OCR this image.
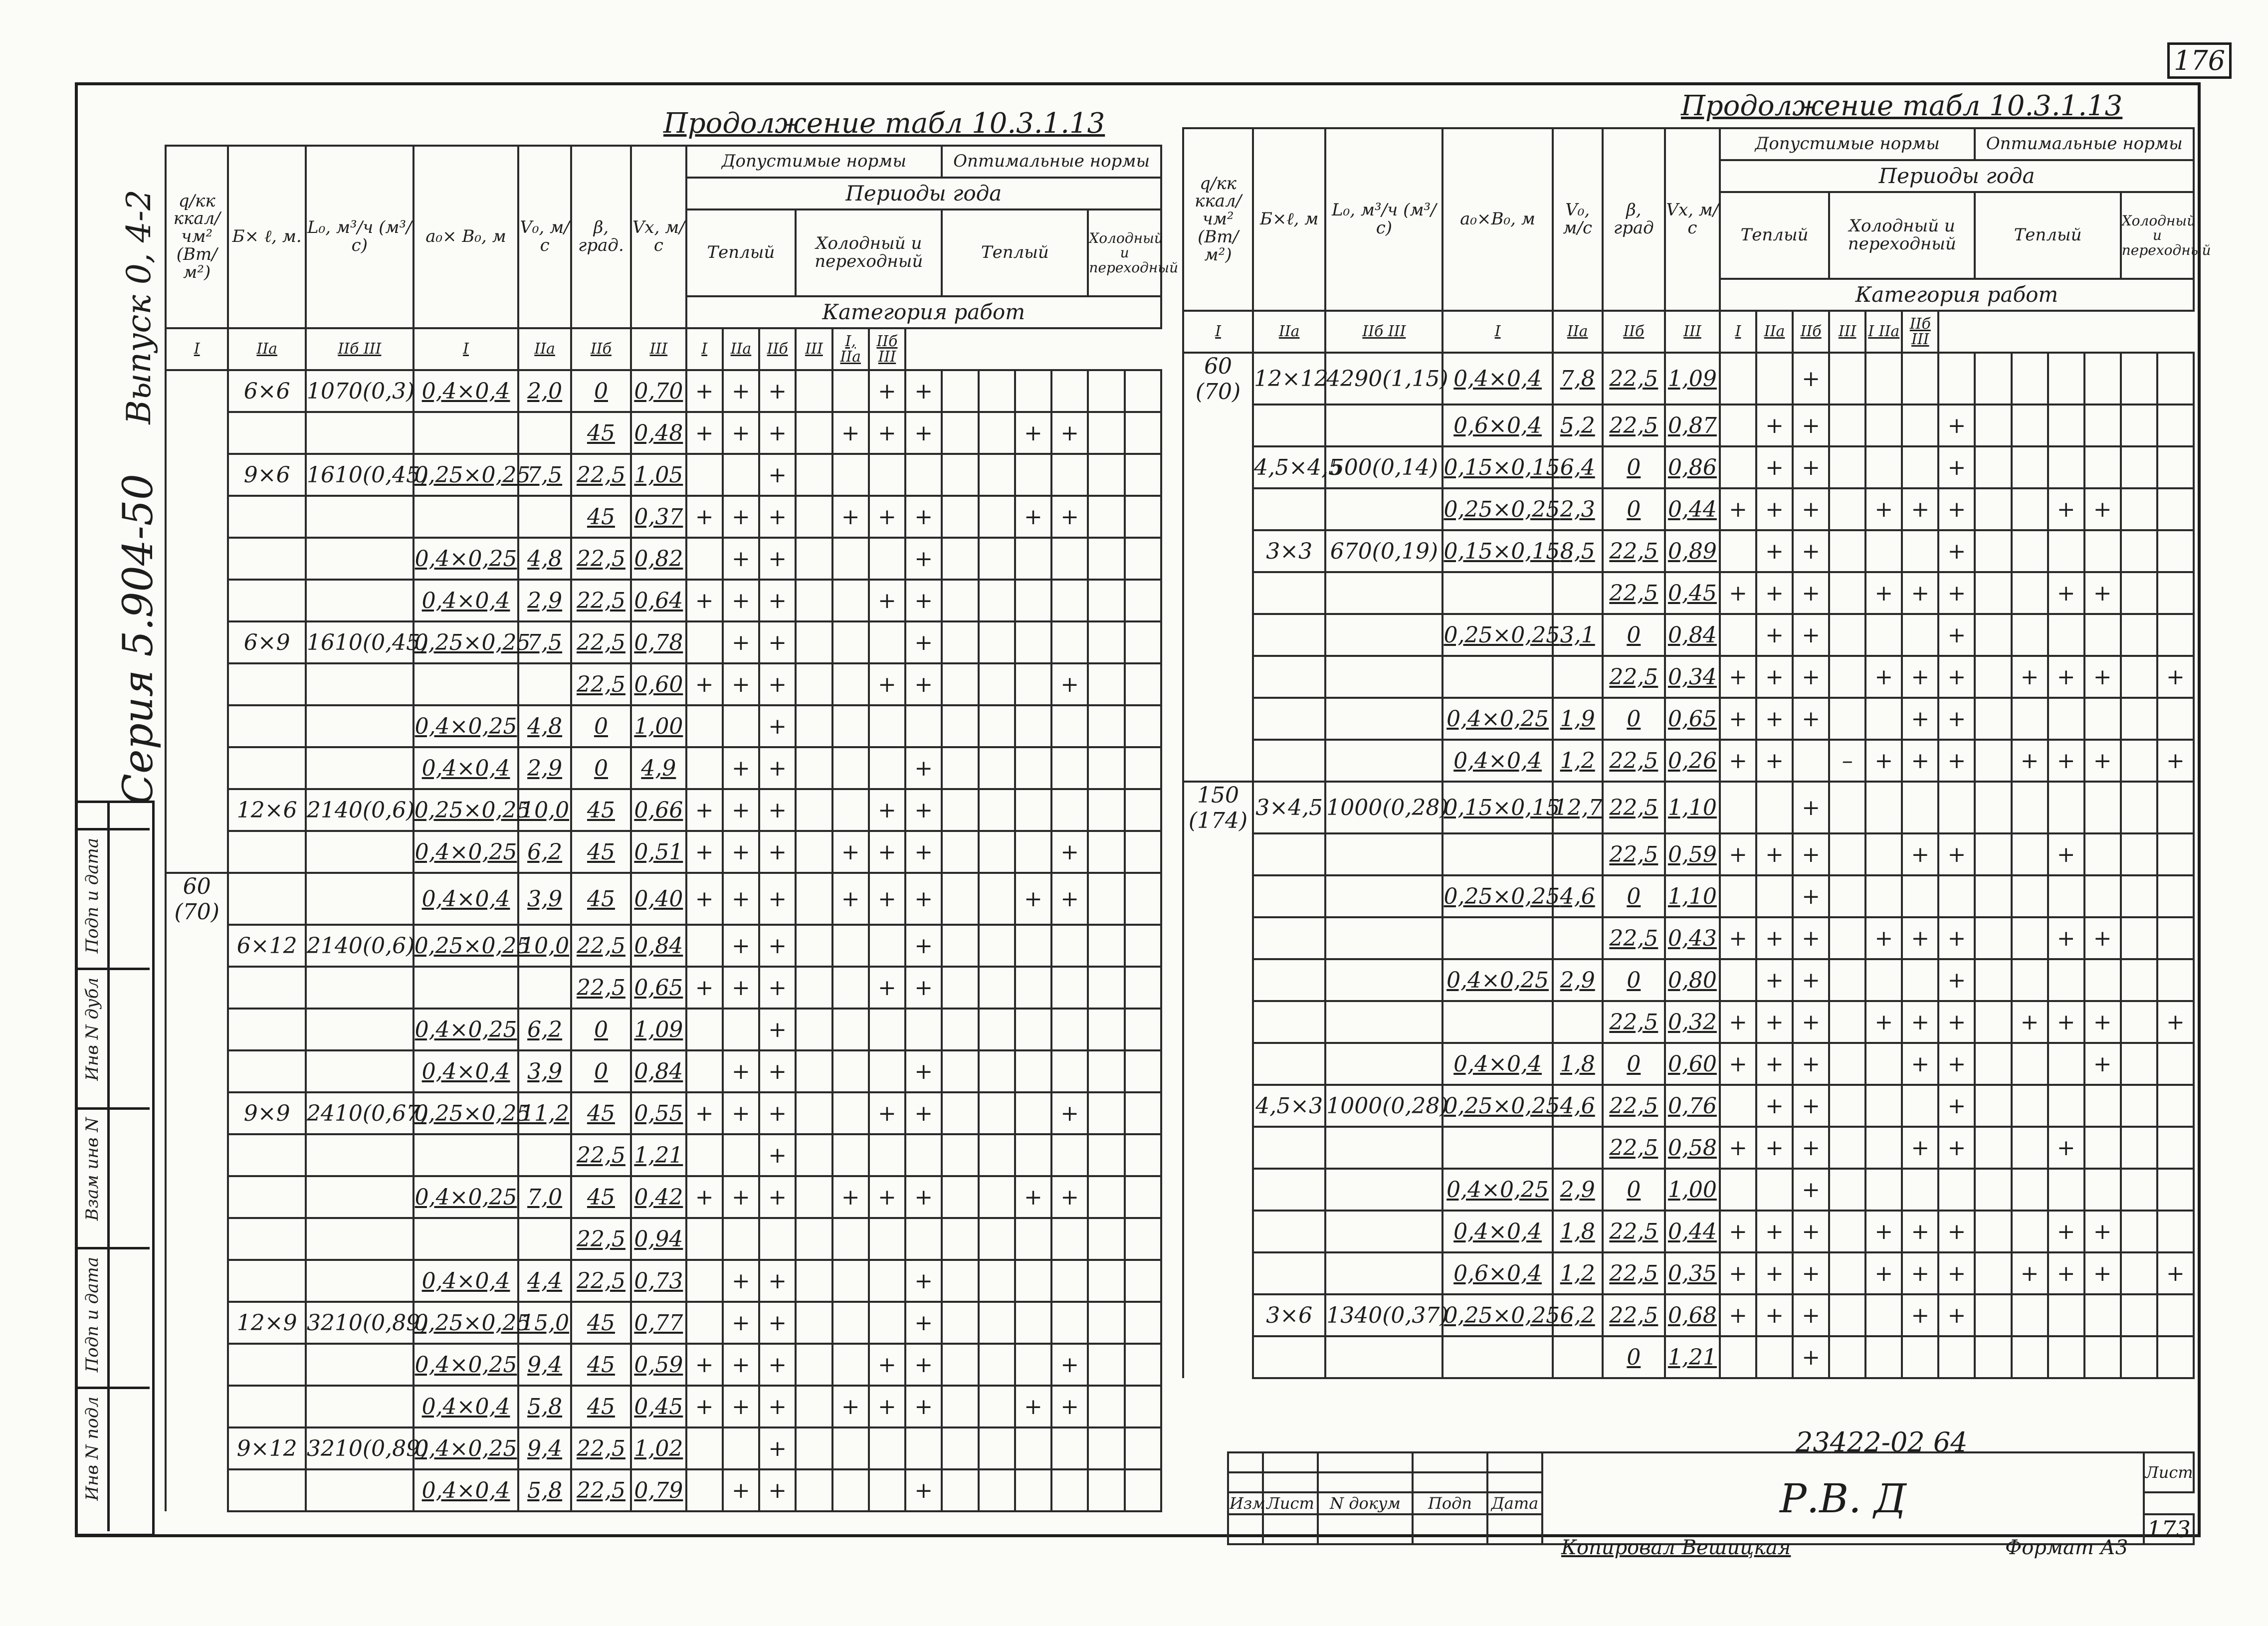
176
Выпуск 0, 4-2
Серия 5.904-50
Инв N подл
Подп и дата
Взам инв N
Инв N дубл
Подп и дата
Продолжение табл 10.3.1.13
q/кк ккал/чм² (Вт/м²)	Б× ℓ, м.	L₀, м³/ч (м³/с)	a₀× B₀, м	V₀, м/с	β, град.	Vx, м/с	Допустимые нормы							Оптимальные нормы					
							Периоды года												
							Теплый			Холодный и переходный				Теплый				Холодный и переходный	
							Категория работ												
I	IIа	IIб III	I	IIа	IIб	III	I	IIа	IIб	III	I, IIа	IIб III							
	6×6	1070(0,3)	0,4×0,4	2,0	0	0,70	+	+	+			+	+						
					45	0,48	+	+	+		+	+	+			+	+		
	9×6	1610(0,45)	0,25×0,25	7,5	22,5	1,05			+										
					45	0,37	+	+	+		+	+	+			+	+		
			0,4×0,25	4,8	22,5	0,82		+	+				+						
			0,4×0,4	2,9	22,5	0,64	+	+	+			+	+						
	6×9	1610(0,45)	0,25×0,25	7,5	22,5	0,78		+	+				+						
					22,5	0,60	+	+	+			+	+				+		
			0,4×0,25	4,8	0	1,00			+										
			0,4×0,4	2,9	0	4,9		+	+				+						
	12×6	2140(0,6)	0,25×0,25	10,0	45	0,66	+	+	+			+	+						
			0,4×0,25	6,2	45	0,51	+	+	+		+	+	+				+		
60 (70)			0,4×0,4	3,9	45	0,40	+	+	+		+	+	+			+	+		
	6×12	2140(0,6)	0,25×0,25	10,0	22,5	0,84		+	+				+						
					22,5	0,65	+	+	+			+	+						
			0,4×0,25	6,2	0	1,09			+										
			0,4×0,4	3,9	0	0,84		+	+				+						
	9×9	2410(0,67)	0,25×0,25	11,2	45	0,55	+	+	+			+	+				+		
					22,5	1,21			+										
			0,4×0,25	7,0	45	0,42	+	+	+		+	+	+			+	+		
					22,5	0,94													
			0,4×0,4	4,4	22,5	0,73		+	+				+						
	12×9	3210(0,89)	0,25×0,25	15,0	45	0,77		+	+				+						
			0,4×0,25	9,4	45	0,59	+	+	+			+	+				+		
			0,4×0,4	5,8	45	0,45	+	+	+		+	+	+			+	+		
	9×12	3210(0,89)	0,4×0,25	9,4	22,5	1,02			+										
			0,4×0,4	5,8	22,5	0,79		+	+				+						
Продолжение табл 10.3.1.13
q/кк ккал/чм² (Вт/м²)	Б×ℓ, м	L₀, м³/ч (м³/с)	a₀×B₀, м	V₀, м/с	β, град	Vx, м/с	Допустимые нормы							Оптимальные нормы					
							Периоды года												
							Теплый			Холодный и переходный				Теплый				Холодный и переходный	
							Категория работ												
I	IIа	IIб III	I	IIа	IIб	III	I	IIа	IIб	III	I IIа	IIб III							
60 (70)	12×12	4290(1,15)	0,4×0,4	7,8	22,5	1,09			+										
			0,6×0,4	5,2	22,5	0,87		+	+				+						
	4,5×4,5	500(0,14)	0,15×0,15	6,4	0	0,86		+	+				+						
			0,25×0,25	2,3	0	0,44	+	+	+		+	+	+			+	+		
	3×3	670(0,19)	0,15×0,15	8,5	22,5	0,89		+	+				+						
					22,5	0,45	+	+	+		+	+	+			+	+		
			0,25×0,25	3,1	0	0,84		+	+				+						
					22,5	0,34	+	+	+		+	+	+		+	+	+		+
			0,4×0,25	1,9	0	0,65	+	+	+			+	+						
			0,4×0,4	1,2	22,5	0,26	+	+		–	+	+	+		+	+	+		+
150 (174)	3×4,5	1000(0,28)	0,15×0,15	12,7	22,5	1,10			+										
					22,5	0,59	+	+	+			+	+			+			
			0,25×0,25	4,6	0	1,10			+										
					22,5	0,43	+	+	+		+	+	+			+	+		
			0,4×0,25	2,9	0	0,80		+	+				+						
					22,5	0,32	+	+	+		+	+	+		+	+	+		+
			0,4×0,4	1,8	0	0,60	+	+	+			+	+				+		
	4,5×3	1000(0,28)	0,25×0,25	4,6	22,5	0,76		+	+				+						
					22,5	0,58	+	+	+			+	+			+			
			0,4×0,25	2,9	0	1,00			+										
			0,4×0,4	1,8	22,5	0,44	+	+	+		+	+	+			+	+		
			0,6×0,4	1,2	22,5	0,35	+	+	+		+	+	+		+	+	+		+
	3×6	1340(0,37)	0,25×0,25	6,2	22,5	0,68	+	+	+			+	+						
					0	1,21			+										
23422-02 64
					Р.В. Д	Лист

Изм	Лист	N докум	Подп	Дата		
						173
Копировал Вешицкая	Формат А3
